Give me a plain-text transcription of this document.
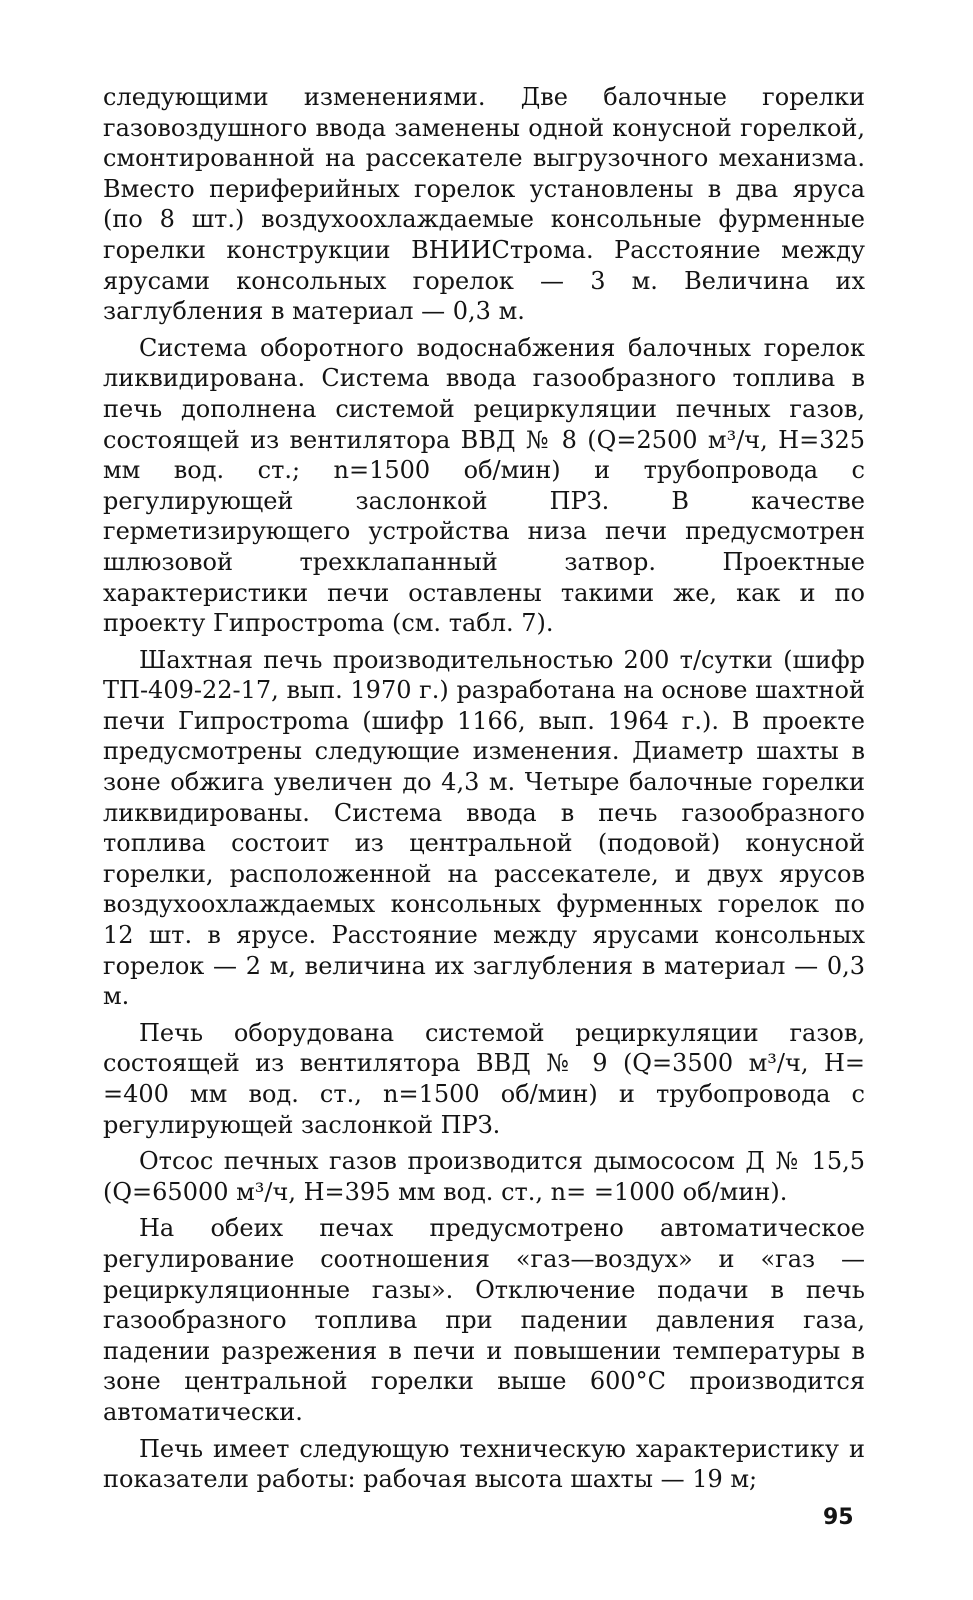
следующими изменениями. Две балочные горелки газовоздушного ввода заменены одной конусной горелкой, смонтированной на рассекателе выгрузочного механизма. Вместо периферийных горелок установлены в два яруса (по 8 шт.) воздухоохлаждаемые консольные фурменные горелки конструкции ВНИИСтрома. Расстояние между ярусами консольных горелок — 3 м. Величина их заглубления в материал — 0,3 м.

Система оборотного водоснабжения балочных горелок ликвидирована. Система ввода газообразного топлива в печь дополнена системой рециркуляции печных газов, состоящей из вентилятора ВВД № 8 (Q=2500 м³/ч, H=325 мм вод. ст.; n=1500 об/мин) и трубопровода с регулирующей заслонкой ПРЗ. В качестве герметизирующего устройства низа печи предусмотрен шлюзовой трехклапанный затвор. Проектные характеристики печи оставлены такими же, как и по проекту Гипростроma (см. табл. 7).

Шахтная печь производительностью 200 т/сутки (шифр ТП-409-22-17, вып. 1970 г.) разработана на основе шахтной печи Гипростроma (шифр 1166, вып. 1964 г.). В проекте предусмотрены следующие изменения. Диаметр шахты в зоне обжига увеличен до 4,3 м. Четыре балочные горелки ликвидированы. Система ввода в печь газообразного топлива состоит из центральной (подовой) конусной горелки, расположенной на рассекателе, и двух ярусов воздухоохлаждаемых консольных фурменных горелок по 12 шт. в ярусе. Расстояние между ярусами консольных горелок — 2 м, величина их заглубления в материал — 0,3 м.

Печь оборудована системой рециркуляции газов, состоящей из вентилятора ВВД № 9 (Q=3500 м³/ч, H= =400 мм вод. ст., n=1500 об/мин) и трубопровода с регулирующей заслонкой ПРЗ.

Отсос печных газов производится дымососом Д № 15,5 (Q=65000 м³/ч, H=395 мм вод. ст., n= =1000 об/мин).

На обеих печах предусмотрено автоматическое регулирование соотношения «газ—воздух» и «газ — рециркуляционные газы». Отключение подачи в печь газообразного топлива при падении давления газа, падении разрежения в печи и повышении температуры в зоне центральной горелки выше 600°С производится автоматически.

Печь имеет следующую техническую характеристику и показатели работы: рабочая высота шахты — 19 м;

95
